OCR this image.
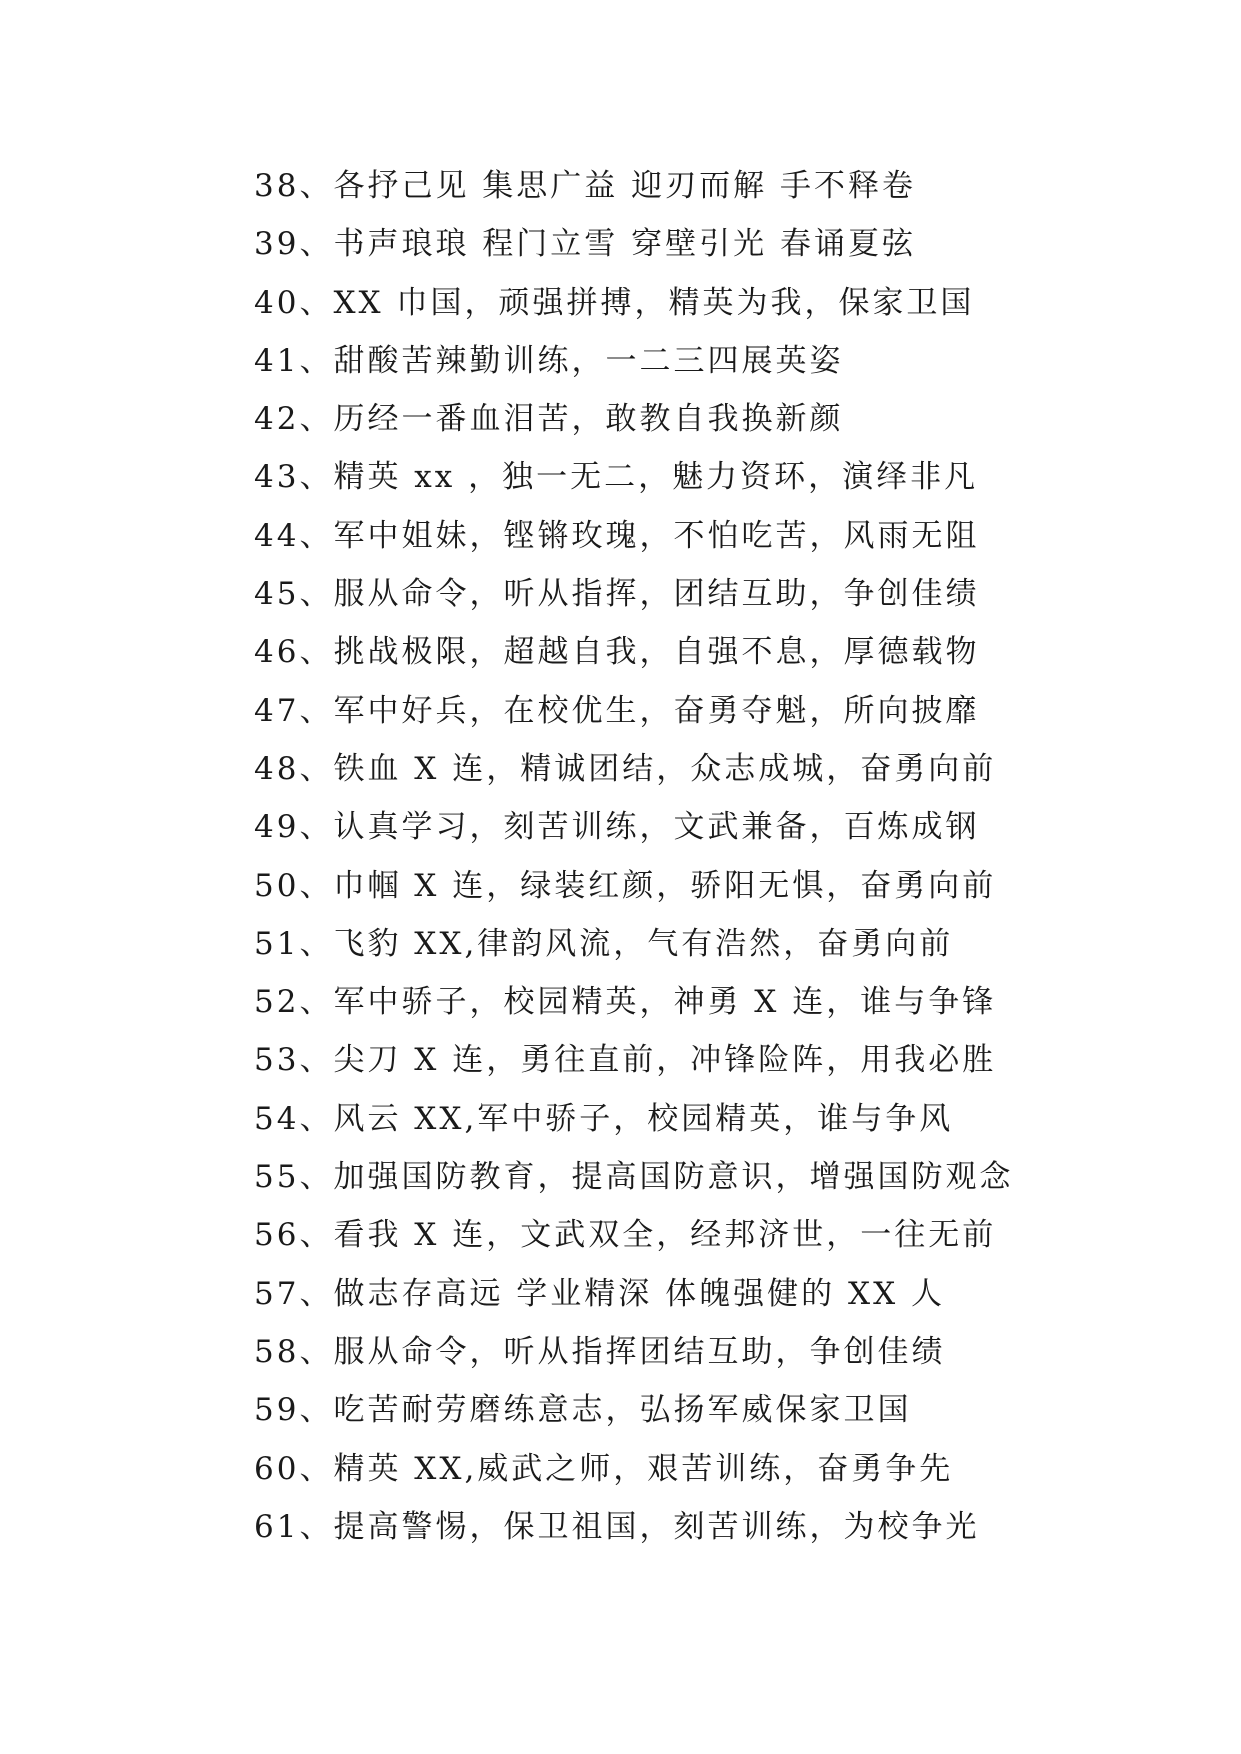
38、各抒己见 集思广益 迎刃而解 手不释卷
39、书声琅琅 程门立雪 穿壁引光 春诵夏弦
40、XX 巾国，顽强拼搏，精英为我，保家卫国
41、甜酸苦辣勤训练，一二三四展英姿
42、历经一番血泪苦，敢教自我换新颜
43、精英 xx ，独一无二，魅力资环，演绎非凡
44、军中姐妹，铿锵玫瑰，不怕吃苦，风雨无阻
45、服从命令，听从指挥，团结互助，争创佳绩
46、挑战极限，超越自我，自强不息，厚德载物
47、军中好兵，在校优生，奋勇夺魁，所向披靡
48、铁血 X 连，精诚团结，众志成城，奋勇向前
49、认真学习，刻苦训练，文武兼备，百炼成钢
50、巾帼 X 连，绿装红颜，骄阳无惧，奋勇向前
51、飞豹 XX,律韵风流，气有浩然，奋勇向前
52、军中骄子，校园精英，神勇 X 连，谁与争锋
53、尖刀 X 连，勇往直前，冲锋险阵，用我必胜
54、风云 XX,军中骄子，校园精英，谁与争风
55、加强国防教育，提高国防意识，增强国防观念
56、看我 X 连，文武双全，经邦济世，一往无前
57、做志存高远 学业精深 体魄强健的 XX 人
58、服从命令，听从指挥团结互助，争创佳绩
59、吃苦耐劳磨练意志，弘扬军威保家卫国
60、精英 XX,威武之师，艰苦训练，奋勇争先
61、提高警惕，保卫祖国，刻苦训练，为校争光
